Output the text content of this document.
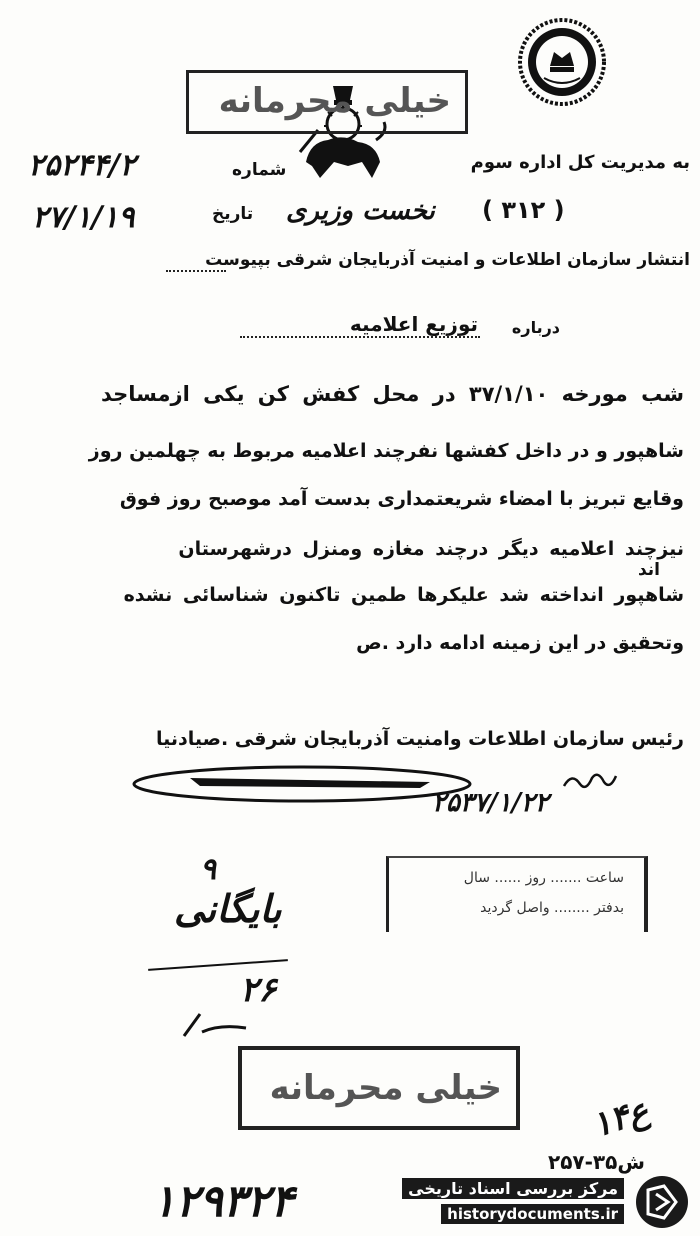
خیلی محرمانه
به مدیریت کل اداره سوم
شماره
۲۵۲۴۴/۲
( ۳۱۲ )
تاریخ
۲۷/۱/۱۹	نخست وزیری
انتشار سازمان اطلاعات و امنیت آذربایجان شرقی بپیوست
درباره
توزیع اعلامیه
شب مورخه ۳۷/۱/۱۰ در محل کفش کن یکی ازمساجد
شاهپور و در داخل کفشها نفرچند اعلامیه مربوط به چهلمین روز
وقایع تبریز با امضاء شریعتمداری بدست آمد موصبح روز فوق
نیزچند اعلامیه دیگر درچند مغازه ومنزل درشهرستان
اند
شاهپور انداخته شد علیکرها طمین تاکنون شناسائی نشده
وتحقیق در این زمینه ادامه دارد .ص
رئیس سازمان اطلاعات وامنیت آذربایجان شرقی .صیادنیا
۲۵۳۷/۱/۲۲
ساعت ....... روز ...... سال
بدفتر ........ واصل گردید
۹
بایگانی
۲۶
خیلی محرمانه
۱۴ع
۲۵۷-۳۵ش
۱۲۹۳۲۴	مرکز بررسی اسناد تاریخی
historydocuments.ir
